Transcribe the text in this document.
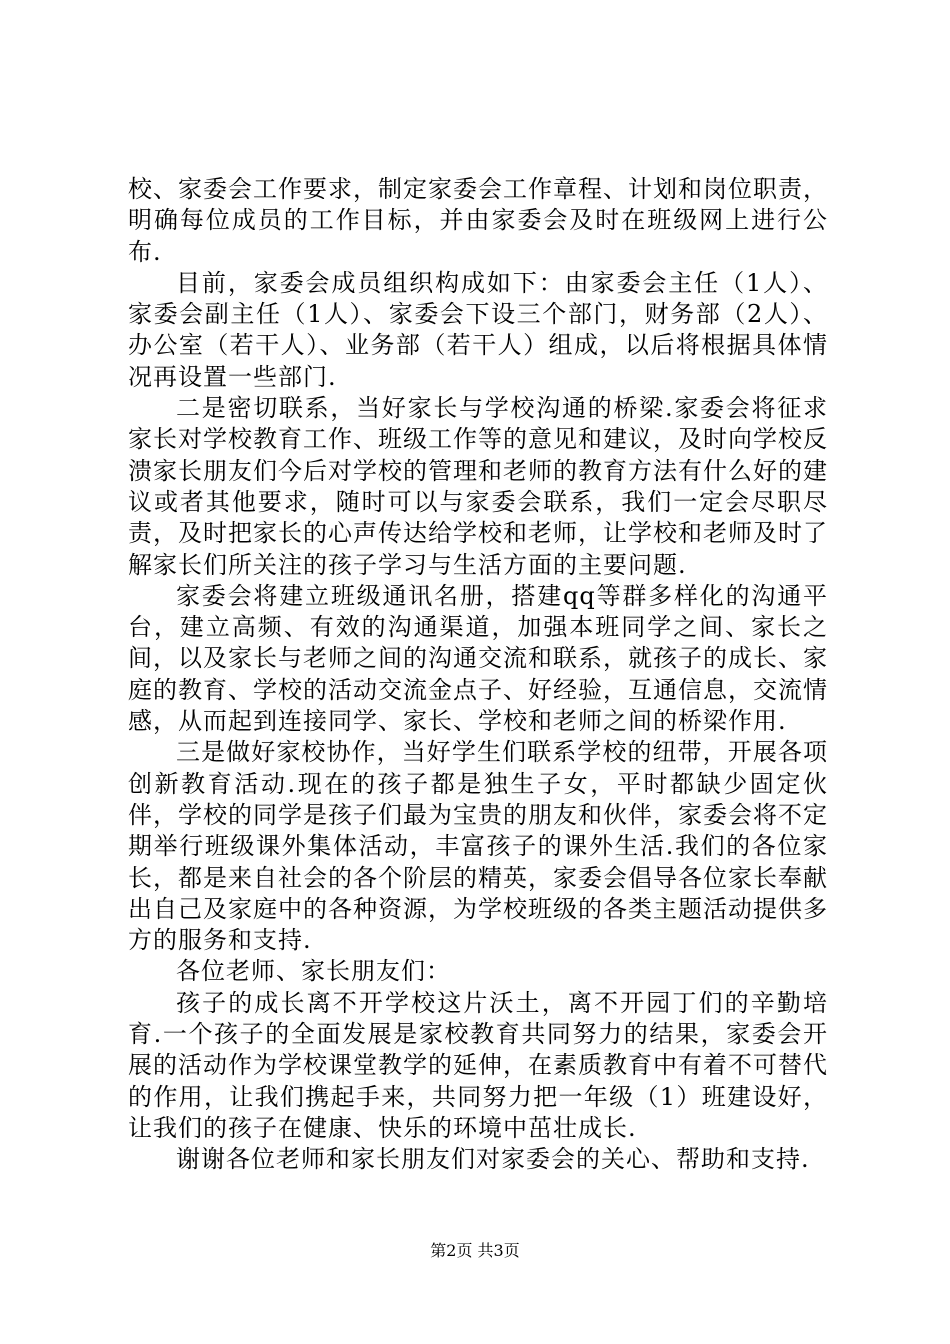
校、家委会工作要求，制定家委会工作章程、计划和岗位职责，明确每位成员的工作目标，并由家委会及时在班级网上进行公布.

目前，家委会成员组织构成如下：由家委会主任（1人）、家委会副主任（1人）、家委会下设三个部门，财务部（2人）、办公室（若干人）、业务部（若干人）组成，以后将根据具体情况再设置一些部门.

二是密切联系，当好家长与学校沟通的桥梁.家委会将征求家长对学校教育工作、班级工作等的意见和建议，及时向学校反溃家长朋友们今后对学校的管理和老师的教育方法有什么好的建议或者其他要求，随时可以与家委会联系，我们一定会尽职尽责，及时把家长的心声传达给学校和老师，让学校和老师及时了解家长们所关注的孩子学习与生活方面的主要问题.

家委会将建立班级通讯名册，搭建qq等群多样化的沟通平台，建立高频、有效的沟通渠道，加强本班同学之间、家长之间，以及家长与老师之间的沟通交流和联系，就孩子的成长、家庭的教育、学校的活动交流金点子、好经验，互通信息，交流情感，从而起到连接同学、家长、学校和老师之间的桥梁作用.

三是做好家校协作，当好学生们联系学校的纽带，开展各项创新教育活动.现在的孩子都是独生子女，平时都缺少固定伙伴，学校的同学是孩子们最为宝贵的朋友和伙伴，家委会将不定期举行班级课外集体活动，丰富孩子的课外生活.我们的各位家长，都是来自社会的各个阶层的精英，家委会倡导各位家长奉献出自己及家庭中的各种资源，为学校班级的各类主题活动提供多方的服务和支持.

各位老师、家长朋友们：

孩子的成长离不开学校这片沃土，离不开园丁们的辛勤培育.一个孩子的全面发展是家校教育共同努力的结果，家委会开展的活动作为学校课堂教学的延伸，在素质教育中有着不可替代的作用，让我们携起手来，共同努力把一年级（1）班建设好，让我们的孩子在健康、快乐的环境中茁壮成长.

谢谢各位老师和家长朋友们对家委会的关心、帮助和支持.

第2页 共3页
